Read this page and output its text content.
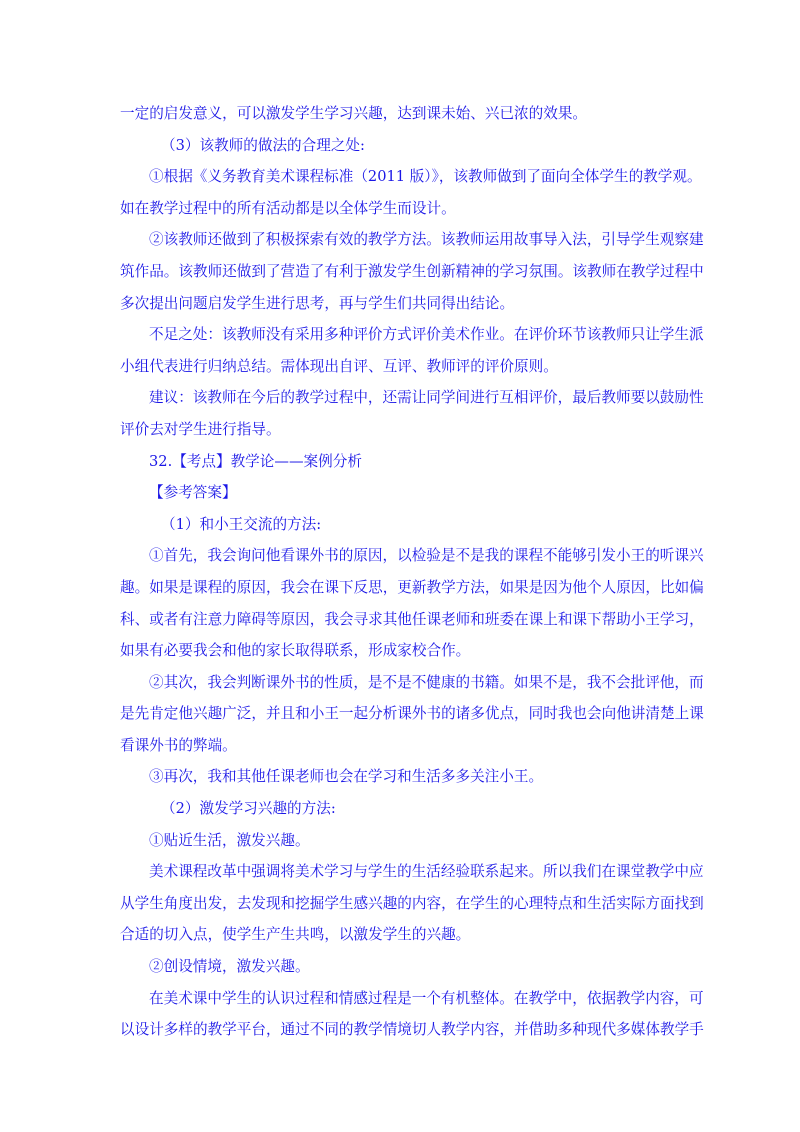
一定的启发意义，可以激发学生学习兴趣，达到课未始、兴已浓的效果。

（3）该教师的做法的合理之处:

①根据《义务教育美术课程标准（2011 版）》，该教师做到了面向全体学生的教学观。
如在教学过程中的所有活动都是以全体学生而设计。

②该教师还做到了积极探索有效的教学方法。该教师运用故事导入法，引导学生观察建
筑作品。该教师还做到了营造了有利于激发学生创新精神的学习氛围。该教师在教学过程中
多次提出问题启发学生进行思考，再与学生们共同得出结论。

不足之处：该教师没有采用多种评价方式评价美术作业。在评价环节该教师只让学生派
小组代表进行归纳总结。需体现出自评、互评、教师评的评价原则。

建议：该教师在今后的教学过程中，还需让同学间进行互相评价，最后教师要以鼓励性
评价去对学生进行指导。

32.【考点】教学论——案例分析

【参考答案】

（1）和小王交流的方法:

①首先，我会询问他看课外书的原因，以检验是不是我的课程不能够引发小王的听课兴
趣。如果是课程的原因，我会在课下反思，更新教学方法，如果是因为他个人原因，比如偏
科、或者有注意力障碍等原因，我会寻求其他任课老师和班委在课上和课下帮助小王学习，
如果有必要我会和他的家长取得联系，形成家校合作。

②其次，我会判断课外书的性质，是不是不健康的书籍。如果不是，我不会批评他，而
是先肯定他兴趣广泛，并且和小王一起分析课外书的诸多优点，同时我也会向他讲清楚上课
看课外书的弊端。

③再次，我和其他任课老师也会在学习和生活多多关注小王。

（2）激发学习兴趣的方法:

①贴近生活，激发兴趣。

美术课程改革中强调将美术学习与学生的生活经验联系起来。所以我们在课堂教学中应
从学生角度出发，去发现和挖掘学生感兴趣的内容，在学生的心理特点和生活实际方面找到
合适的切入点，使学生产生共鸣，以激发学生的兴趣。

②创设情境，激发兴趣。

在美术课中学生的认识过程和情感过程是一个有机整体。在教学中，依据教学内容，可
以设计多样的教学平台，通过不同的教学情境切人教学内容，并借助多种现代多媒体教学手
